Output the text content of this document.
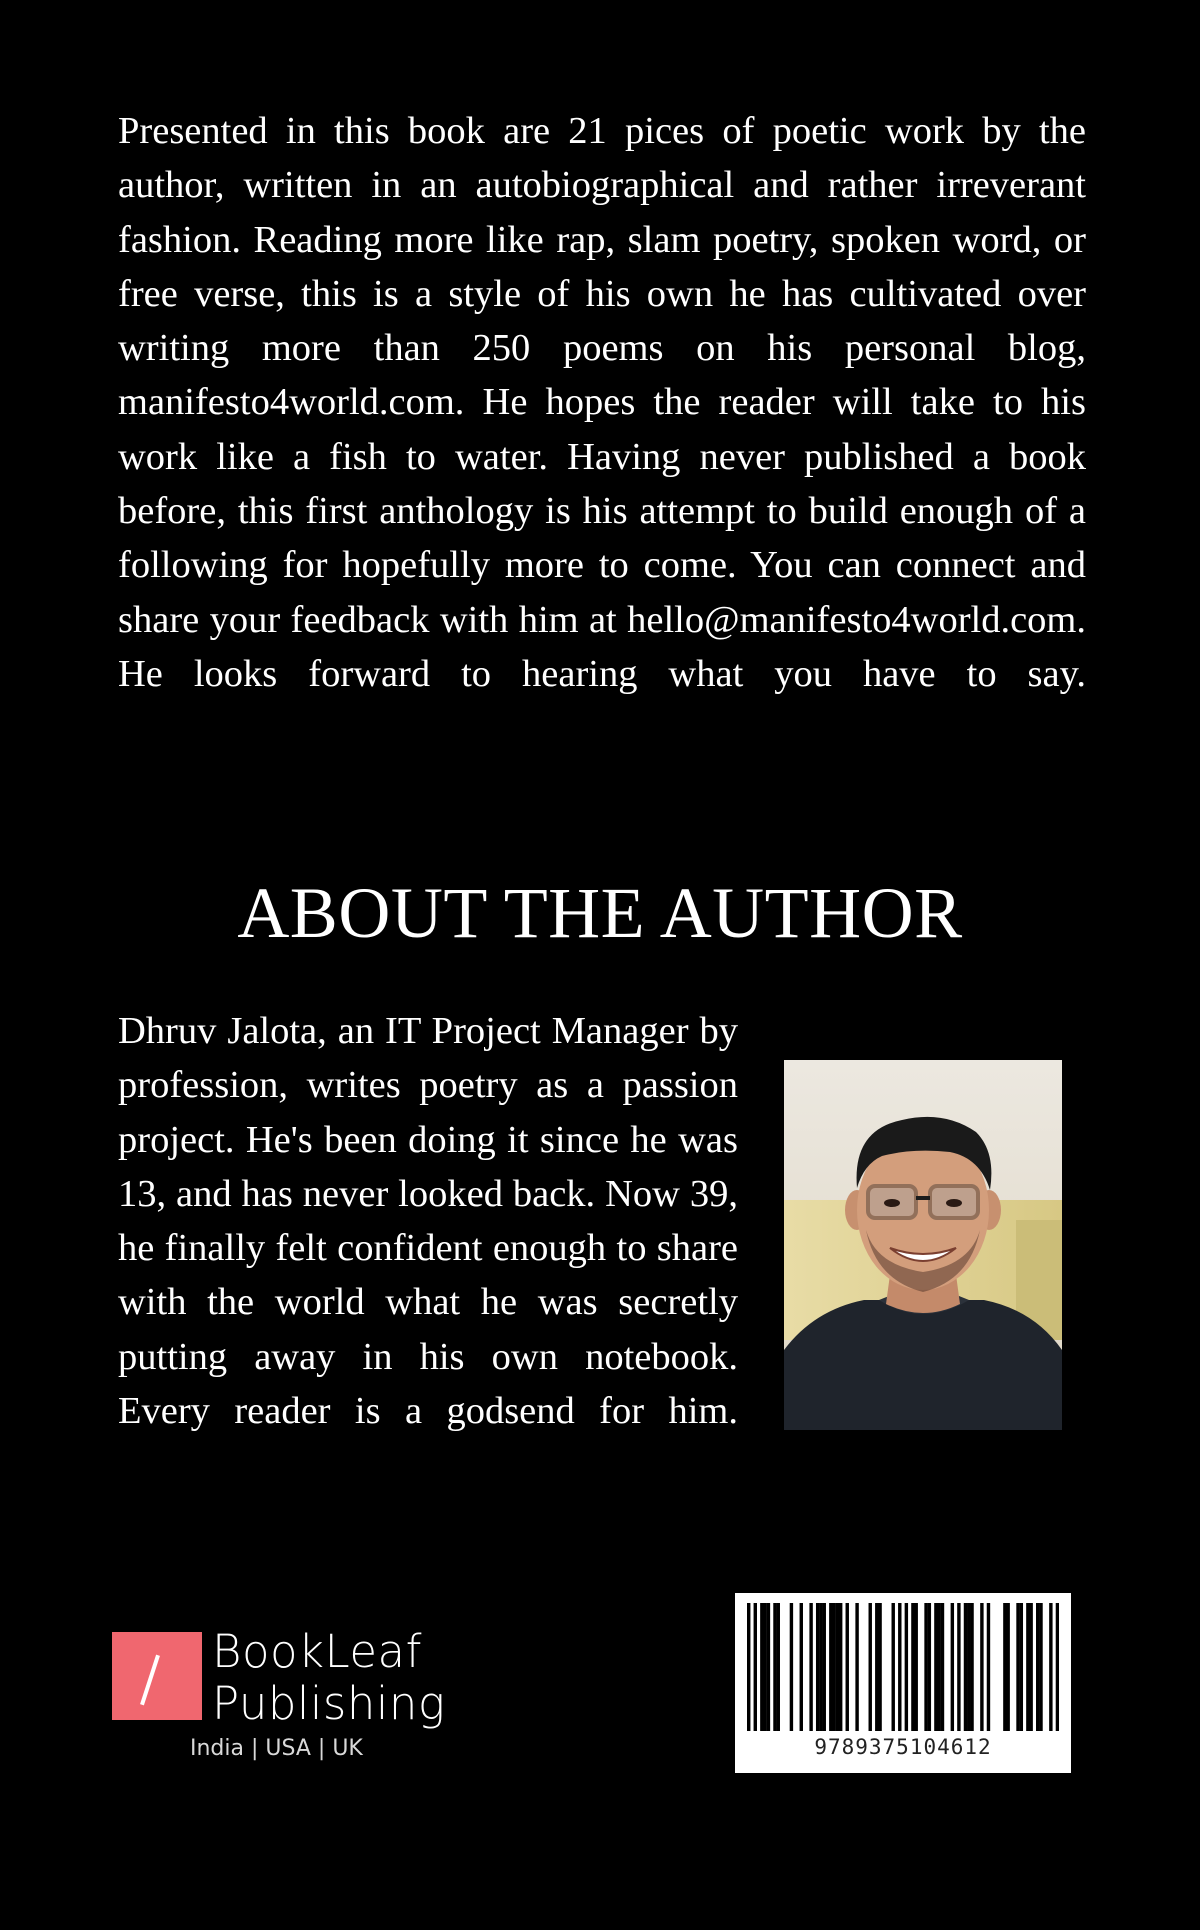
Presented in this book are 21 pices of poetic work by the author, written in an autobiographical and rather irreverant fashion. Reading more like rap, slam poetry, spoken word, or free verse, this is a style of his own he has cultivated over writing more than 250 poems on his personal blog, manifesto4world.com. He hopes the reader will take to his work like a fish to water. Having never published a book before, this first anthology is his attempt to build enough of a following for hopefully more to come. You can connect and share your feedback with him at hello@manifesto4world.com. He looks forward to hearing what you have to say.

ABOUT THE AUTHOR

Dhruv Jalota, an IT Project Manager by profession, writes poetry as a passion project. He's been doing it since he was 13, and has never looked back. Now 39, he finally felt confident enough to share with the world what he was secretly putting away in his own notebook. Every reader is a godsend for him.

BookLeaf
Publishing
India | USA | UK	9789375104612
